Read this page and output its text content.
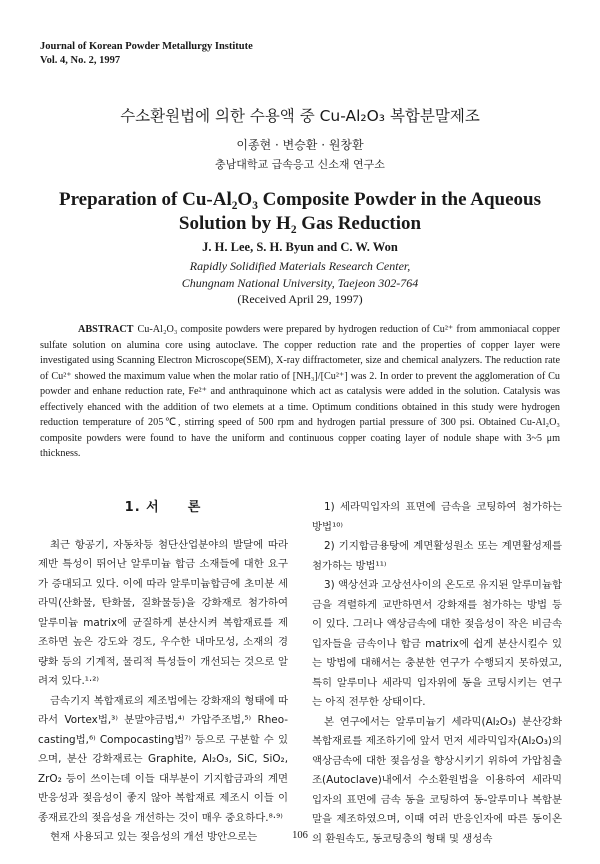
Journal of Korean Powder Metallurgy Institute
Vol. 4, No. 2, 1997
수소환원법에 의한 수용액 중 Cu-Al₂O₃ 복합분말제조
이종현 · 변승환 · 원창환
충남대학교 급속응고 신소재 연구소
Preparation of Cu-Al₂O₃ Composite Powder in the Aqueous
Solution by H₂ Gas Reduction
J. H. Lee, S. H. Byun and C. W. Won
Rapidly Solidified Materials Research Center,
Chungnam National University, Taejeon 302-764
(Received April 29, 1997)
ABSTRACT Cu-Al₂O₃ composite powders were prepared by hydrogen reduction of Cu²⁺ from ammoniacal copper sulfate solution on alumina core using autoclave. The copper reduction rate and the properties of copper layer were investigated using Scanning Electron Microscope(SEM), X-ray diffractometer, size and chemical analyzers. The reduction rate of Cu²⁺ showed the maximum value when the molar ratio of [NH₃]/[Cu²⁺] was 2. In order to prevent the agglomeration of Cu powder and enhane reduction rate, Fe²⁺ and anthraquinone which act as catalysis were added in the solution. Catalysis was effectively ehanced with the addition of two elemets at a time. Optimum conditions obtained in this study were hydrogen reduction temperature of 205℃, stirring speed of 500 rpm and hydrogen partial pressure of 300 psi. Obtained Cu-Al₂O₃ composite powders were found to have the uniform and continuous copper coating layer of nodule shape with 3~5 μm thickness.
1. 서　　론

최근 항공기, 자동차등 첨단산업분야의 발달에 따라 제반 특성이 뛰어난 알루미늄 합금 소재들에 대한 요구가 증대되고 있다. 이에 따라 알루미늄합금에 초미분 세라믹(산화물, 탄화물, 질화물등)을 강화재로 첨가하여 알루미늄 matrix에 균질하게 분산시켜 복합재료를 제조하면 높은 강도와 경도, 우수한 내마모성, 소재의 경량화 등의 기계적, 물리적 특성들이 개선되는 것으로 알려져 있다.¹·²⁾

금속기지 복합재료의 제조법에는 강화재의 형태에 따라서 Vortex법,³⁾ 분말야금법,⁴⁾ 가압주조법,⁵⁾ Rheo-casting법,⁶⁾ Compocasting법⁷⁾ 등으로 구분할 수 있으며, 분산 강화재료는 Graphite, Al₂O₃, SiC, SiO₂, ZrO₂ 등이 쓰이는데 이들 대부분이 기지합금과의 계면반응성과 젖음성이 좋지 않아 복합재료 제조시 이들 이종재료간의 젖음성을 개선하는 것이 매우 중요하다.⁸·⁹⁾

현재 사용되고 있는 젖음성의 개선 방안으로는

1) 세라믹입자의 표면에 금속을 코팅하여 첨가하는 방법¹⁰⁾

2) 기지합금용탕에 계면활성원소 또는 계면활성제를 첨가하는 방법¹¹⁾

3) 액상선과 고상선사이의 온도로 유지된 알루미늄합금을 격렬하게 교반하면서 강화재를 첨가하는 방법 등이 있다. 그러나 액상금속에 대한 젖음성이 작은 비금속입자들을 금속이나 합금 matrix에 쉽게 분산시킬수 있는 방법에 대해서는 충분한 연구가 수행되지 못하였고, 특히 알루미나 세라믹 입자위에 동을 코팅시키는 연구는 아직 전무한 상태이다.

본 연구에서는 알루미늄기 세라믹(Al₂O₃) 분산강화 복합재료를 제조하기에 앞서 먼저 세라믹입자(Al₂O₃)의 액상금속에 대한 젖음성을 향상시키기 위하여 가압침출조(Autoclave)내에서 수소환원법을 이용하여 세라믹입자의 표면에 금속 동을 코팅하여 동-알루미나 복합분말을 제조하였으며, 이때 여러 반응인자에 따른 동이온의 환원속도, 동코팅층의 형태 및 생성속

106
